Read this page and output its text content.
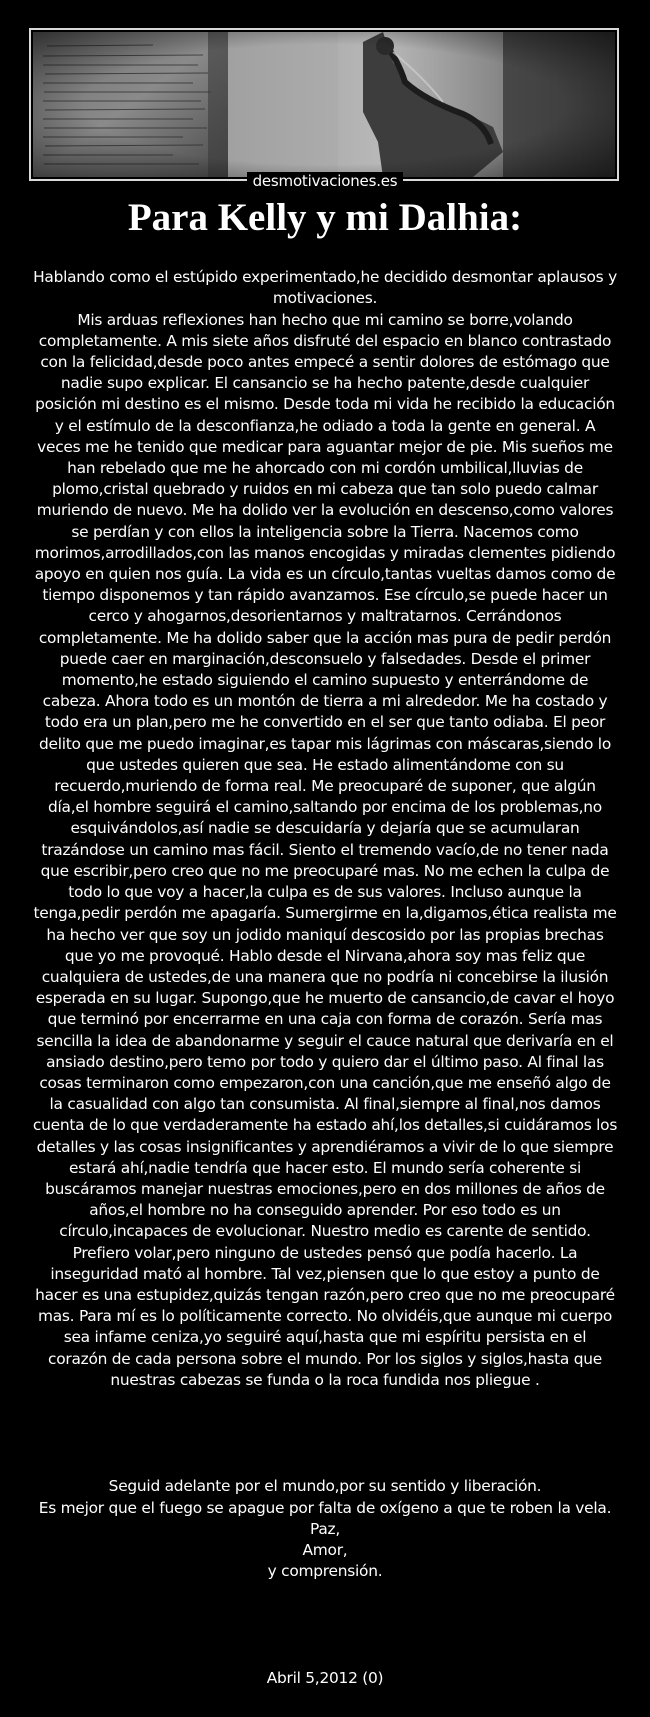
desmotivaciones.es
Para Kelly y mi Dalhia:

Hablando como el estúpido experimentado,he decidido desmontar aplausos y motivaciones.
Mis arduas reflexiones han hecho que mi camino se borre,volando completamente. A mis siete años disfruté del espacio en blanco contrastado con la felicidad,desde poco antes empecé a sentir dolores de estómago que nadie supo explicar. El cansancio se ha hecho patente,desde cualquier posición mi destino es el mismo. Desde toda mi vida he recibido la educación y el estímulo de la desconfianza,he odiado a toda la gente en general. A veces me he tenido que medicar para aguantar mejor de pie. Mis sueños me han rebelado que me he ahorcado con mi cordón umbilical,lluvias de plomo,cristal quebrado y ruidos en mi cabeza que tan solo puedo calmar muriendo de nuevo. Me ha dolido ver la evolución en descenso,como valores se perdían y con ellos la inteligencia sobre la Tierra. Nacemos como morimos,arrodillados,con las manos encogidas y miradas clementes pidiendo apoyo en quien nos guía. La vida es un círculo,tantas vueltas damos como de tiempo disponemos y tan rápido avanzamos. Ese círculo,se puede hacer un cerco y ahogarnos,desorientarnos y maltratarnos. Cerrándonos completamente. Me ha dolido saber que la acción mas pura de pedir perdón puede caer en marginación,desconsuelo y falsedades. Desde el primer momento,he estado siguiendo el camino supuesto y enterrándome de cabeza. Ahora todo es un montón de tierra a mi alrededor. Me ha costado y todo era un plan,pero me he convertido en el ser que tanto odiaba. El peor delito que me puedo imaginar,es tapar mis lágrimas con máscaras,siendo lo que ustedes quieren que sea. He estado alimentándome con su recuerdo,muriendo de forma real. Me preocuparé de suponer, que algún día,el hombre seguirá el camino,saltando por encima de los problemas,no esquivándolos,así nadie se descuidaría y dejaría que se acumularan trazándose un camino mas fácil. Siento el tremendo vacío,de no tener nada que escribir,pero creo que no me preocuparé mas. No me echen la culpa de todo lo que voy a hacer,la culpa es de sus valores. Incluso aunque la tenga,pedir perdón me apagaría. Sumergirme en la,digamos,ética realista me ha hecho ver que soy un jodido maniquí descosido por las propias brechas que yo me provoqué. Hablo desde el Nirvana,ahora soy mas feliz que cualquiera de ustedes,de una manera que no podría ni concebirse la ilusión esperada en su lugar. Supongo,que he muerto de cansancio,de cavar el hoyo que terminó por encerrarme en una caja con forma de corazón. Sería mas sencilla la idea de abandonarme y seguir el cauce natural que derivaría en el ansiado destino,pero temo por todo y quiero dar el último paso. Al final las cosas terminaron como empezaron,con una canción,que me enseñó algo de la casualidad con algo tan consumista. Al final,siempre al final,nos damos cuenta de lo que verdaderamente ha estado ahí,los detalles,si cuidáramos los detalles y las cosas insignificantes y aprendiéramos a vivir de lo que siempre estará ahí,nadie tendría que hacer esto. El mundo sería coherente si buscáramos manejar nuestras emociones,pero en dos millones de años de años,el hombre no ha conseguido aprender. Por eso todo es un círculo,incapaces de evolucionar. Nuestro medio es carente de sentido. Prefiero volar,pero ninguno de ustedes pensó que podía hacerlo. La inseguridad mató al hombre. Tal vez,piensen que lo que estoy a punto de hacer es una estupidez,quizás tengan razón,pero creo que no me preocuparé mas. Para mí es lo políticamente correcto. No olvidéis,que aunque mi cuerpo sea infame ceniza,yo seguiré aquí,hasta que mi espíritu persista en el corazón de cada persona sobre el mundo. Por los siglos y siglos,hasta que nuestras cabezas se funda o la roca fundida nos pliegue .

Seguid adelante por el mundo,por su sentido y liberación.
Es mejor que el fuego se apague por falta de oxígeno a que te roben la vela.
Paz,
Amor,
y comprensión.

Abril 5,2012 (0)
